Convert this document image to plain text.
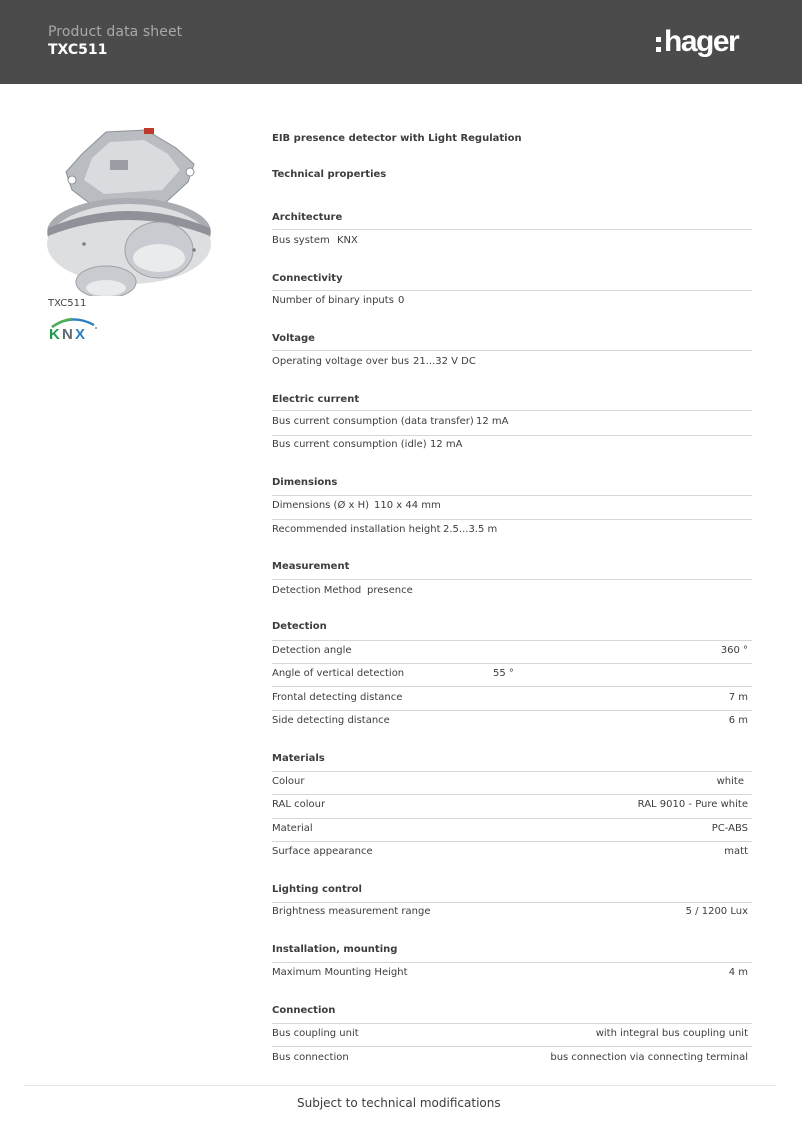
Product data sheet
TXC511	hager
TXC511
K N X
EIB presence detector with Light Regulation
Technical properties
Architecture
Bus system KNX
Connectivity
Number of binary inputs 0
Voltage
Operating voltage over bus 21...32 V DC
Electric current
Bus current consumption (data transfer) 12 mA
Bus current consumption (idle) 12 mA
Dimensions
Dimensions (Ø x H) 110 x 44 mm
Recommended installation height 2.5...3.5 m
Measurement
Detection Method presence
Detection
Detection angle	360 °
Angle of vertical detection	55 °
Frontal detecting distance	7 m
Side detecting distance	6 m
Materials
Colour	white
RAL colour	RAL 9010 - Pure white
Material	PC-ABS
Surface appearance	matt
Lighting control
Brightness measurement range	5 / 1200 Lux
Installation, mounting
Maximum Mounting Height	4 m
Connection
Bus coupling unit	with integral bus coupling unit
Bus connection	bus connection via connecting terminal
Subject to technical modifications
